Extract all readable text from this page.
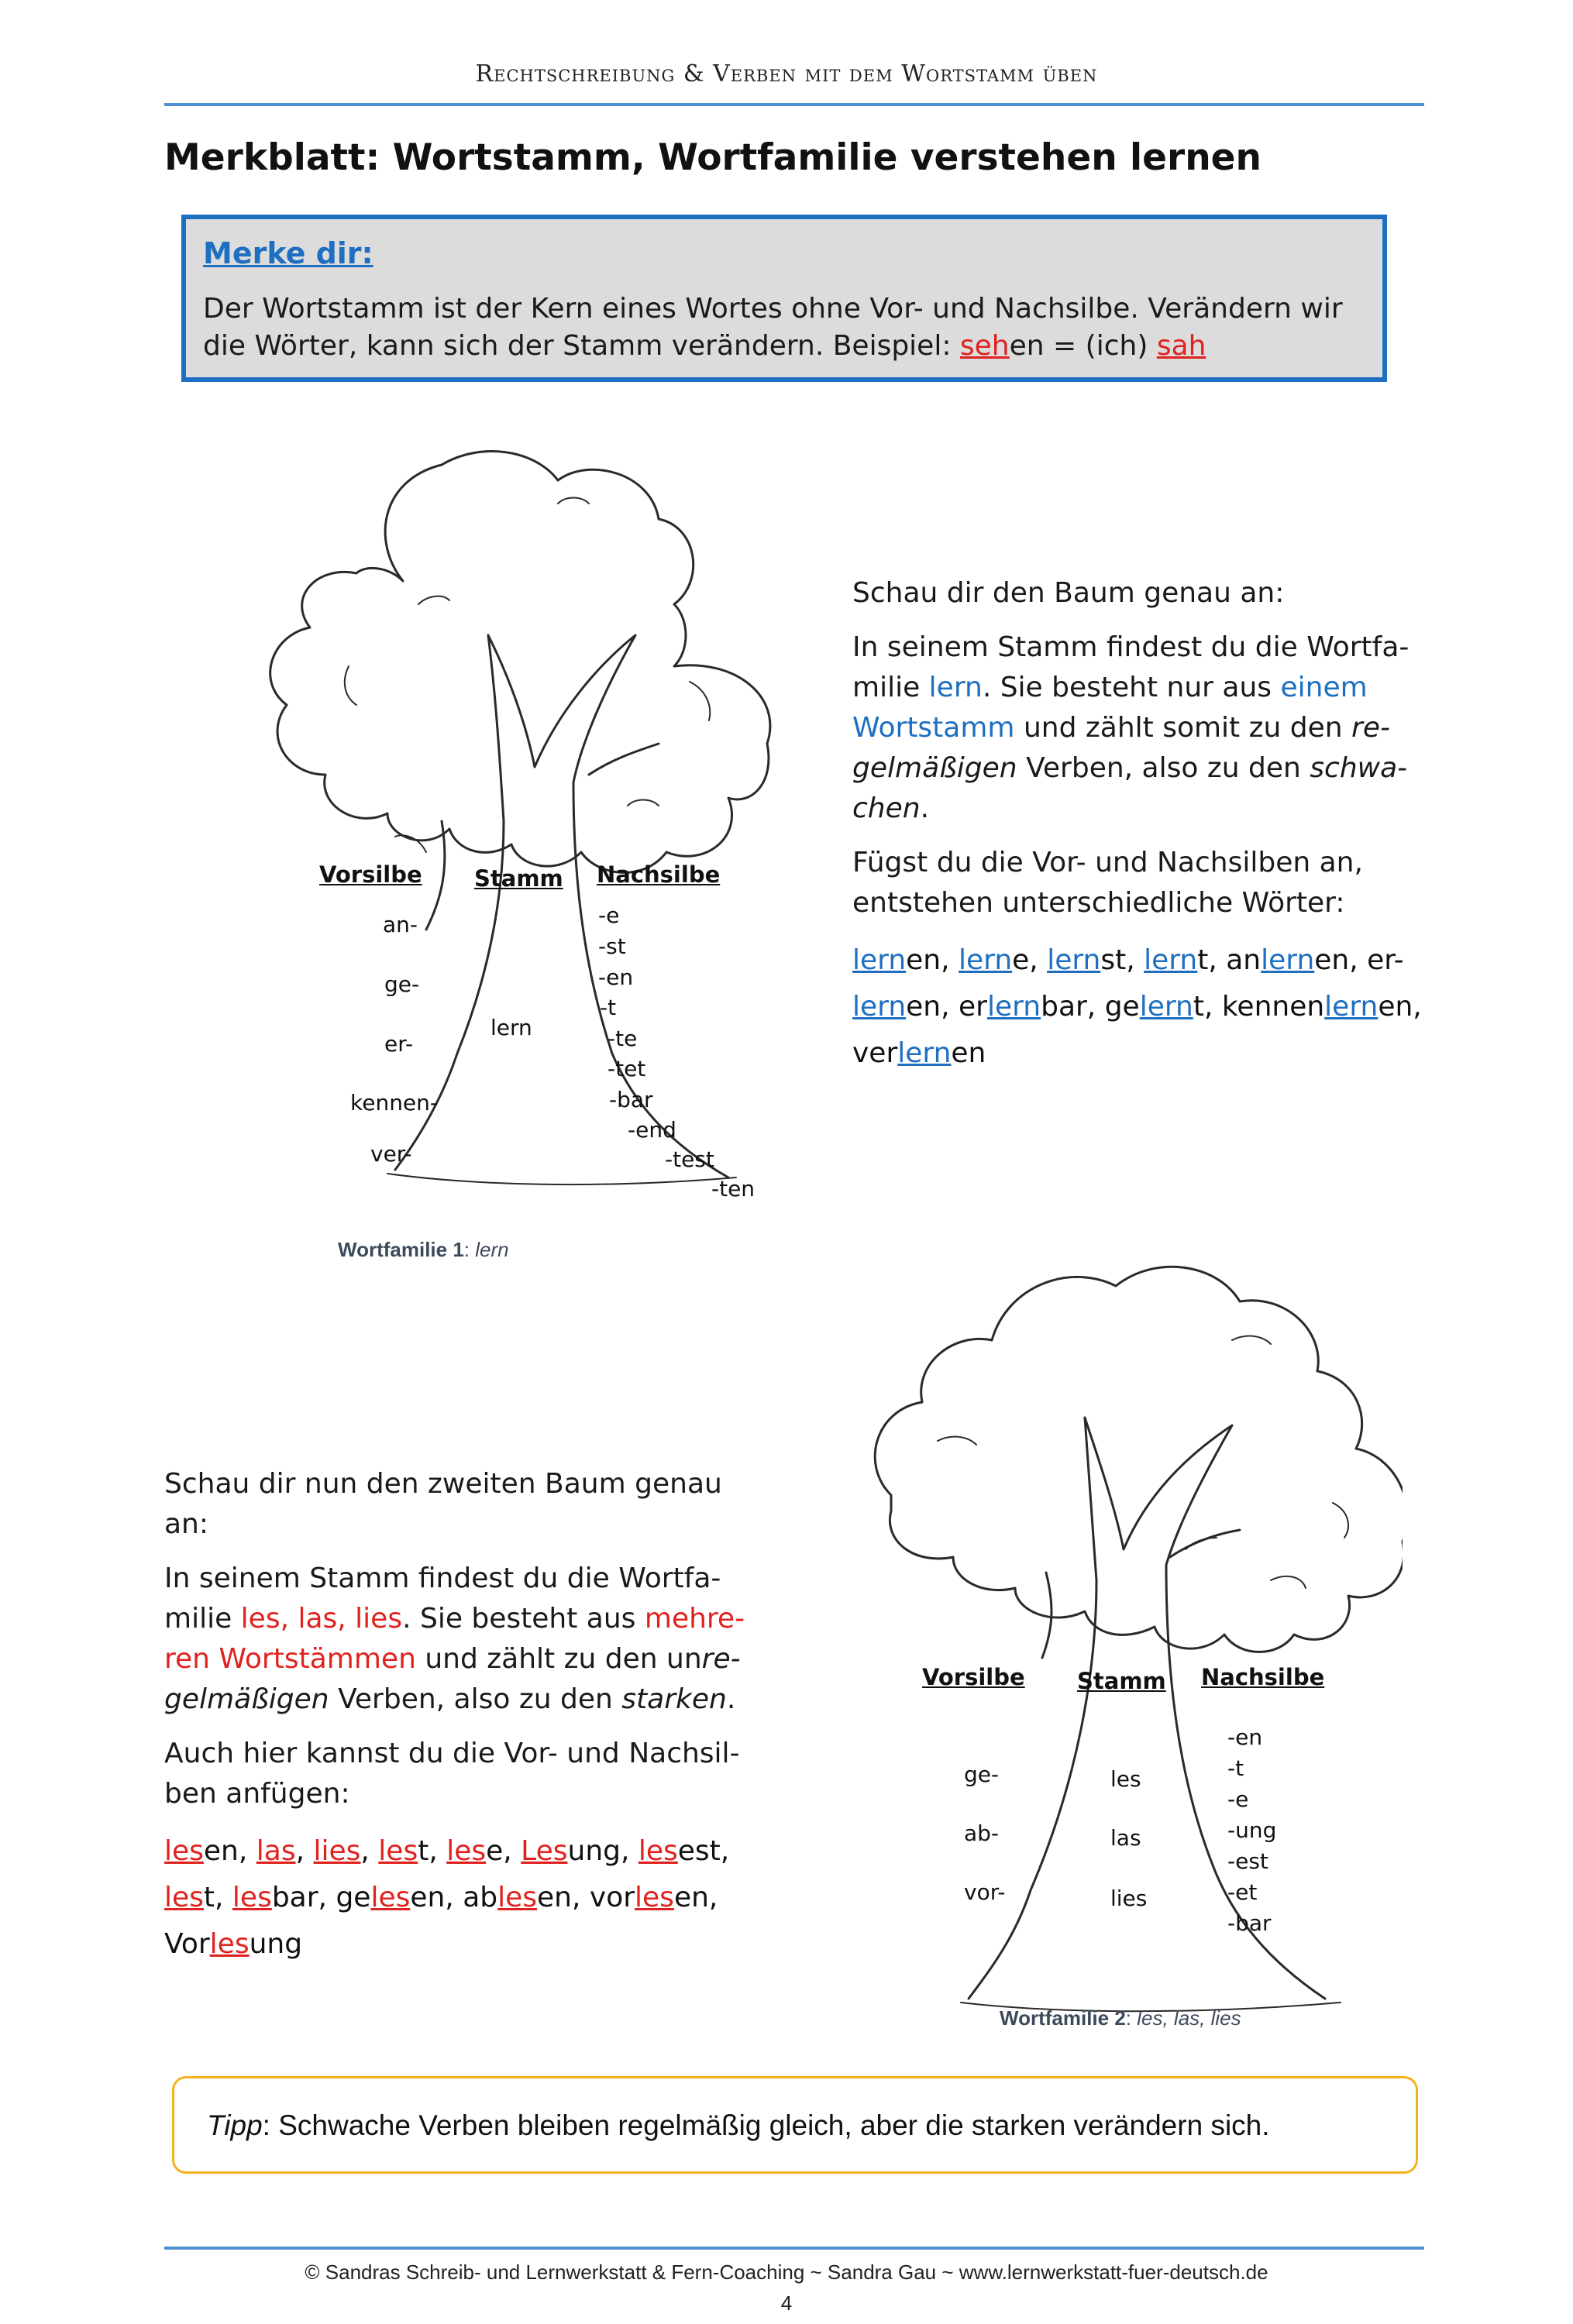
Rechtschreibung & Verben mit dem Wortstamm üben
Merkblatt: Wortstamm, Wortfamilie verstehen lernen
Merke dir:
Der Wortstamm ist der Kern eines Wortes ohne Vor- und Nachsilbe. Verändern wir die Wörter, kann sich der Stamm verändern. Beispiel: sehen = (ich) sah
Vorsilbe Stamm Nachsilbe
an-
ge-
er-
kennen-
ver-
lern
-e
-st
-en
-t
-te
-tet
-bar
-end
-test
-ten
Wortfamilie 1: lern
Schau dir den Baum genau an:
In seinem Stamm findest du die Wortfa-milie lern. Sie besteht nur aus einem Wortstamm und zählt somit zu den re-gelmäßigen Verben, also zu den schwa-chen.
Fügst du die Vor- und Nachsilben an, entstehen unterschiedliche Wörter:
lernen, lerne, lernst, lernt, anlernen, er-lernen, erlernbar, gelernt, kennenlernen, verlernen
Schau dir nun den zweiten Baum genau an:
In seinem Stamm findest du die Wortfa-milie les, las, lies. Sie besteht aus mehre-ren Wortstämmen und zählt zu den unre-gelmäßigen Verben, also zu den starken.
Auch hier kannst du die Vor- und Nachsil-ben anfügen:
lesen, las, lies, lest, lese, Lesung, lesest, lest, lesbar, gelesen, ablesen, vorlesen, Vorlesung
Vorsilbe Stamm Nachsilbe
ge-
ab-
vor-
les
las
lies
-en
-t
-e
-ung
-est
-et
-bar
Wortfamilie 2: les, las, lies
Tipp: Schwache Verben bleiben regelmäßig gleich, aber die starken verändern sich.
© Sandras Schreib- und Lernwerkstatt & Fern-Coaching ~ Sandra Gau ~ www.lernwerkstatt-fuer-deutsch.de
4
